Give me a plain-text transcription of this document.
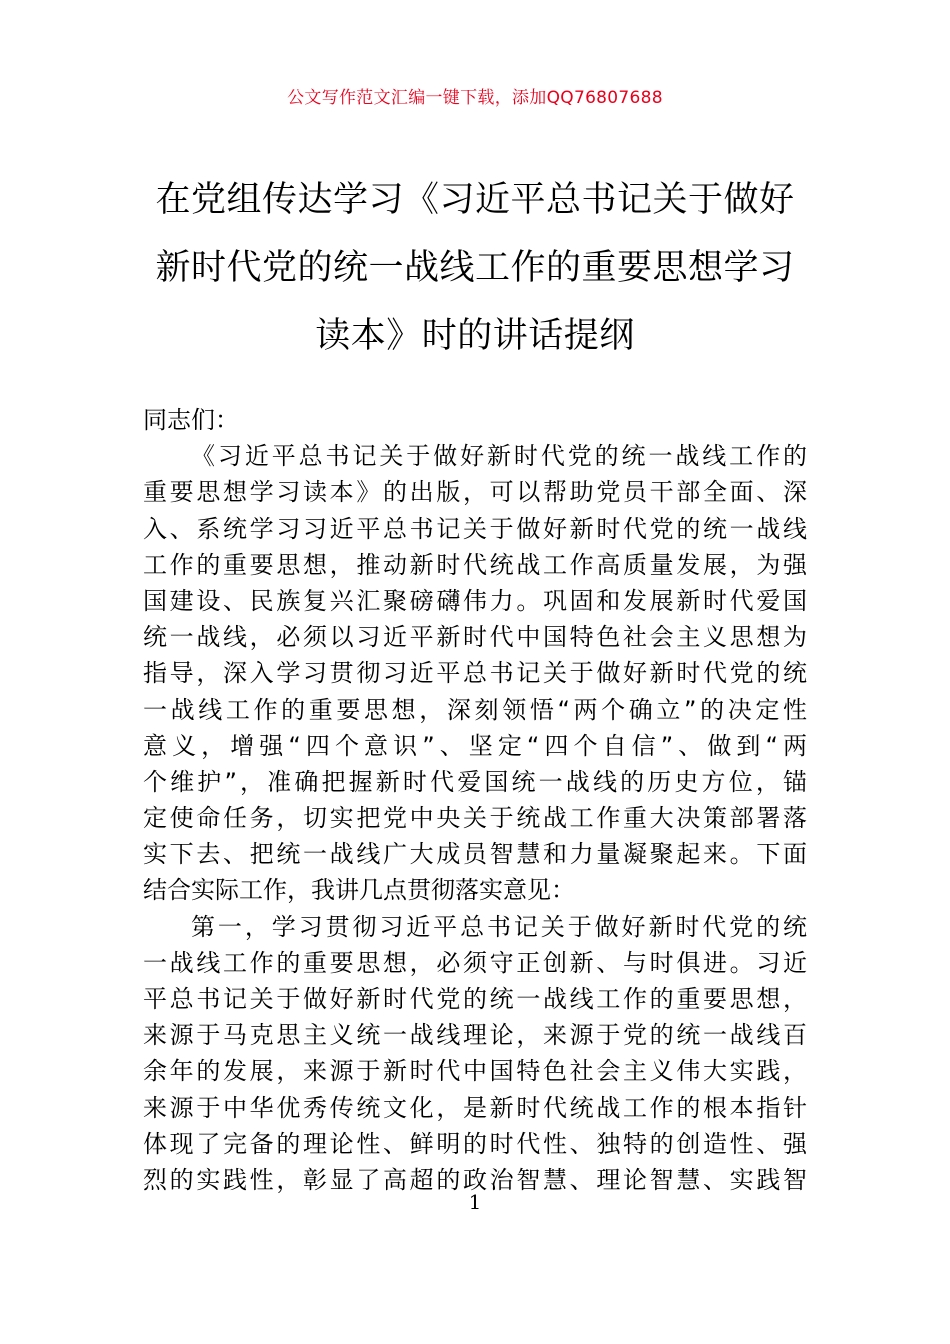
公文写作范文汇编一键下载，添加QQ76807688
在党组传达学习《习近平总书记关于做好
新时代党的统一战线工作的重要思想学习
读本》时的讲话提纲
同志们：
《习近平总书记关于做好新时代党的统一战线工作的
重要思想学习读本》的出版，可以帮助党员干部全面、深
入、系统学习习近平总书记关于做好新时代党的统一战线
工作的重要思想，推动新时代统战工作高质量发展，为强
国建设、民族复兴汇聚磅礴伟力。巩固和发展新时代爱国
统一战线，必须以习近平新时代中国特色社会主义思想为
指导，深入学习贯彻习近平总书记关于做好新时代党的统
一战线工作的重要思想，深刻领悟“两个确立”的决定性
意义，增强“四个意识”、坚定“四个自信”、做到“两
个维护”，准确把握新时代爱国统一战线的历史方位，锚
定使命任务，切实把党中央关于统战工作重大决策部署落
实下去、把统一战线广大成员智慧和力量凝聚起来。下面
结合实际工作，我讲几点贯彻落实意见：
第一，学习贯彻习近平总书记关于做好新时代党的统
一战线工作的重要思想，必须守正创新、与时俱进。习近
平总书记关于做好新时代党的统一战线工作的重要思想，
来源于马克思主义统一战线理论，来源于党的统一战线百
余年的发展，来源于新时代中国特色社会主义伟大实践，
来源于中华优秀传统文化，是新时代统战工作的根本指针
体现了完备的理论性、鲜明的时代性、独特的创造性、强
烈的实践性，彰显了高超的政治智慧、理论智慧、实践智
1
